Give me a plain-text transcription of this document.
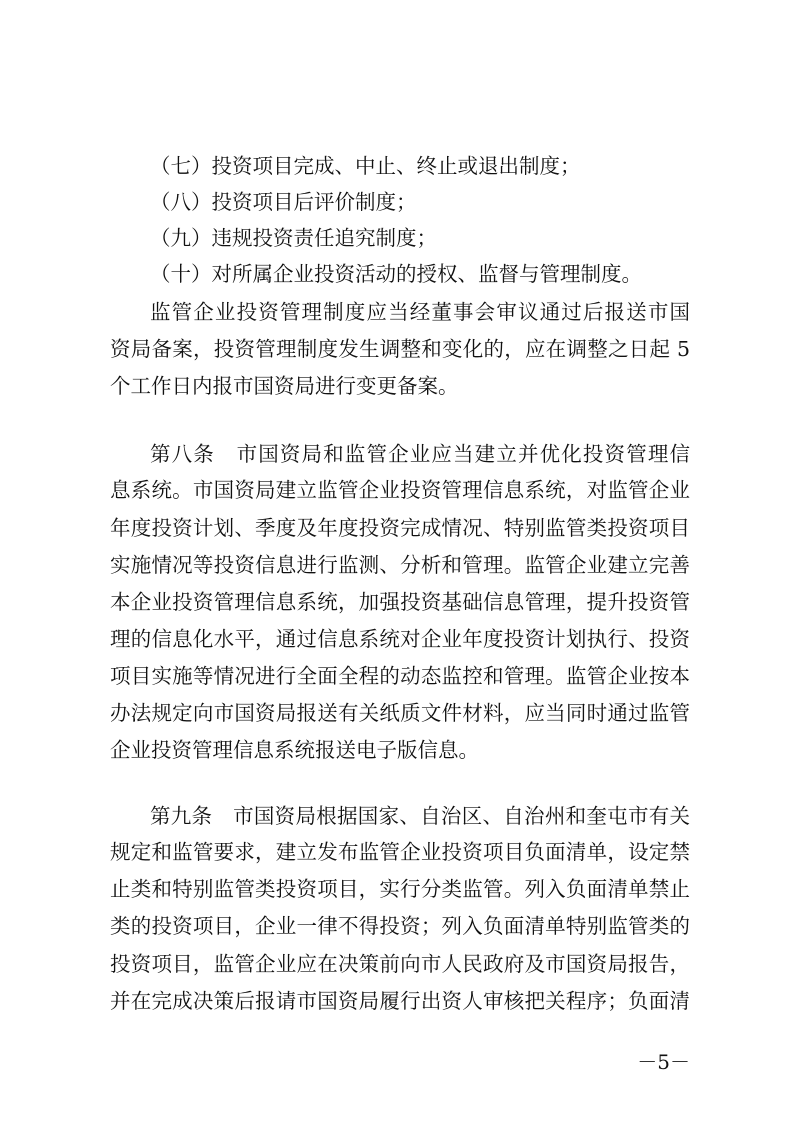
（七）投资项目完成、中止、终止或退出制度；
（八）投资项目后评价制度；
（九）违规投资责任追究制度；
（十）对所属企业投资活动的授权、监督与管理制度。
监管企业投资管理制度应当经董事会审议通过后报送市国
资局备案，投资管理制度发生调整和变化的，应在调整之日起 5
个工作日内报市国资局进行变更备案。
第八条　市国资局和监管企业应当建立并优化投资管理信
息系统。市国资局建立监管企业投资管理信息系统，对监管企业
年度投资计划、季度及年度投资完成情况、特别监管类投资项目
实施情况等投资信息进行监测、分析和管理。监管企业建立完善
本企业投资管理信息系统，加强投资基础信息管理，提升投资管
理的信息化水平，通过信息系统对企业年度投资计划执行、投资
项目实施等情况进行全面全程的动态监控和管理。监管企业按本
办法规定向市国资局报送有关纸质文件材料，应当同时通过监管
企业投资管理信息系统报送电子版信息。
第九条　市国资局根据国家、自治区、自治州和奎屯市有关
规定和监管要求，建立发布监管企业投资项目负面清单，设定禁
止类和特别监管类投资项目，实行分类监管。列入负面清单禁止
类的投资项目，企业一律不得投资；列入负面清单特别监管类的
投资项目，监管企业应在决策前向市人民政府及市国资局报告，
并在完成决策后报请市国资局履行出资人审核把关程序；负面清
－5－
